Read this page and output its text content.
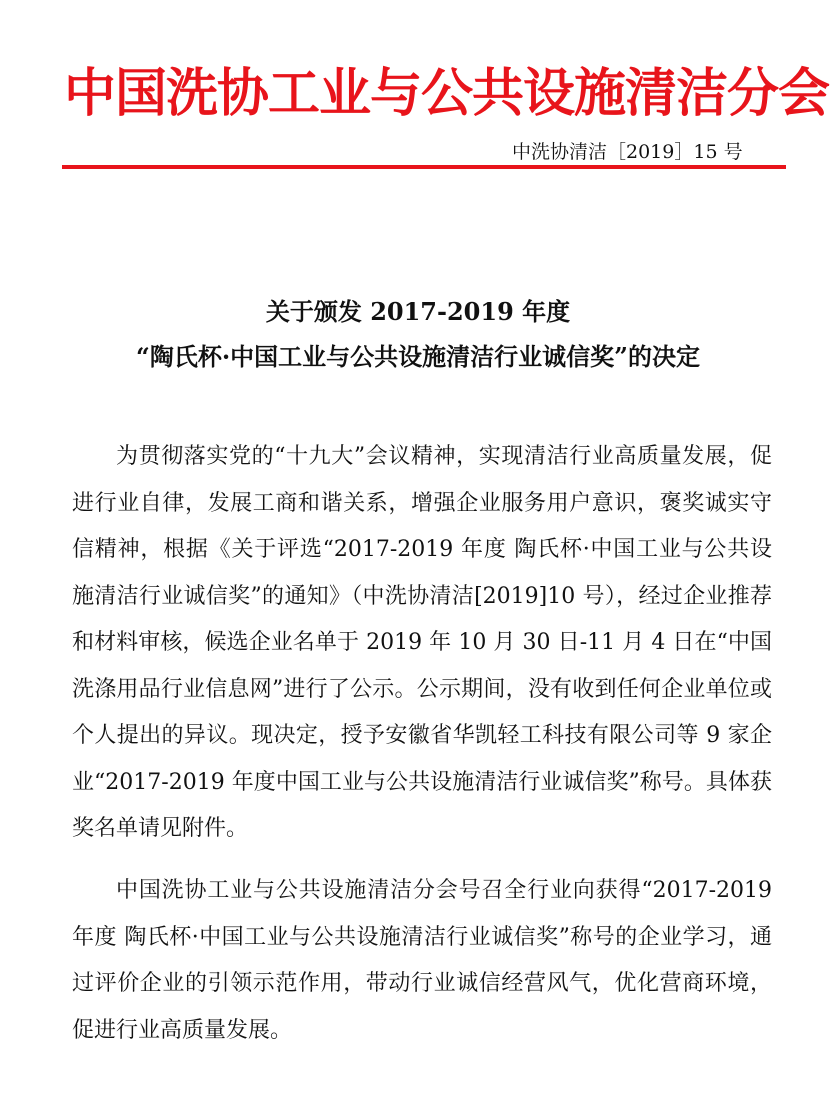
中国洗协工业与公共设施清洁分会
中洗协清洁［2019］15 号
关于颁发 2017-2019 年度
“陶氏杯·中国工业与公共设施清洁行业诚信奖”的决定

为贯彻落实党的“十九大”会议精神，实现清洁行业高质量发展，促进行业自律，发展工商和谐关系，增强企业服务用户意识，褒奖诚实守信精神，根据《关于评选“2017-2019 年度 陶氏杯·中国工业与公共设施清洁行业诚信奖”的通知》（中洗协清洁[2019]10 号），经过企业推荐和材料审核，候选企业名单于 2019 年 10 月 30 日-11 月 4 日在“中国洗涤用品行业信息网”进行了公示。公示期间，没有收到任何企业单位或个人提出的异议。现决定，授予安徽省华凯轻工科技有限公司等 9 家企业“2017-2019 年度中国工业与公共设施清洁行业诚信奖”称号。具体获奖名单请见附件。

中国洗协工业与公共设施清洁分会号召全行业向获得“2017-2019 年度 陶氏杯·中国工业与公共设施清洁行业诚信奖”称号的企业学习，通过评价企业的引领示范作用，带动行业诚信经营风气，优化营商环境，促进行业高质量发展。
